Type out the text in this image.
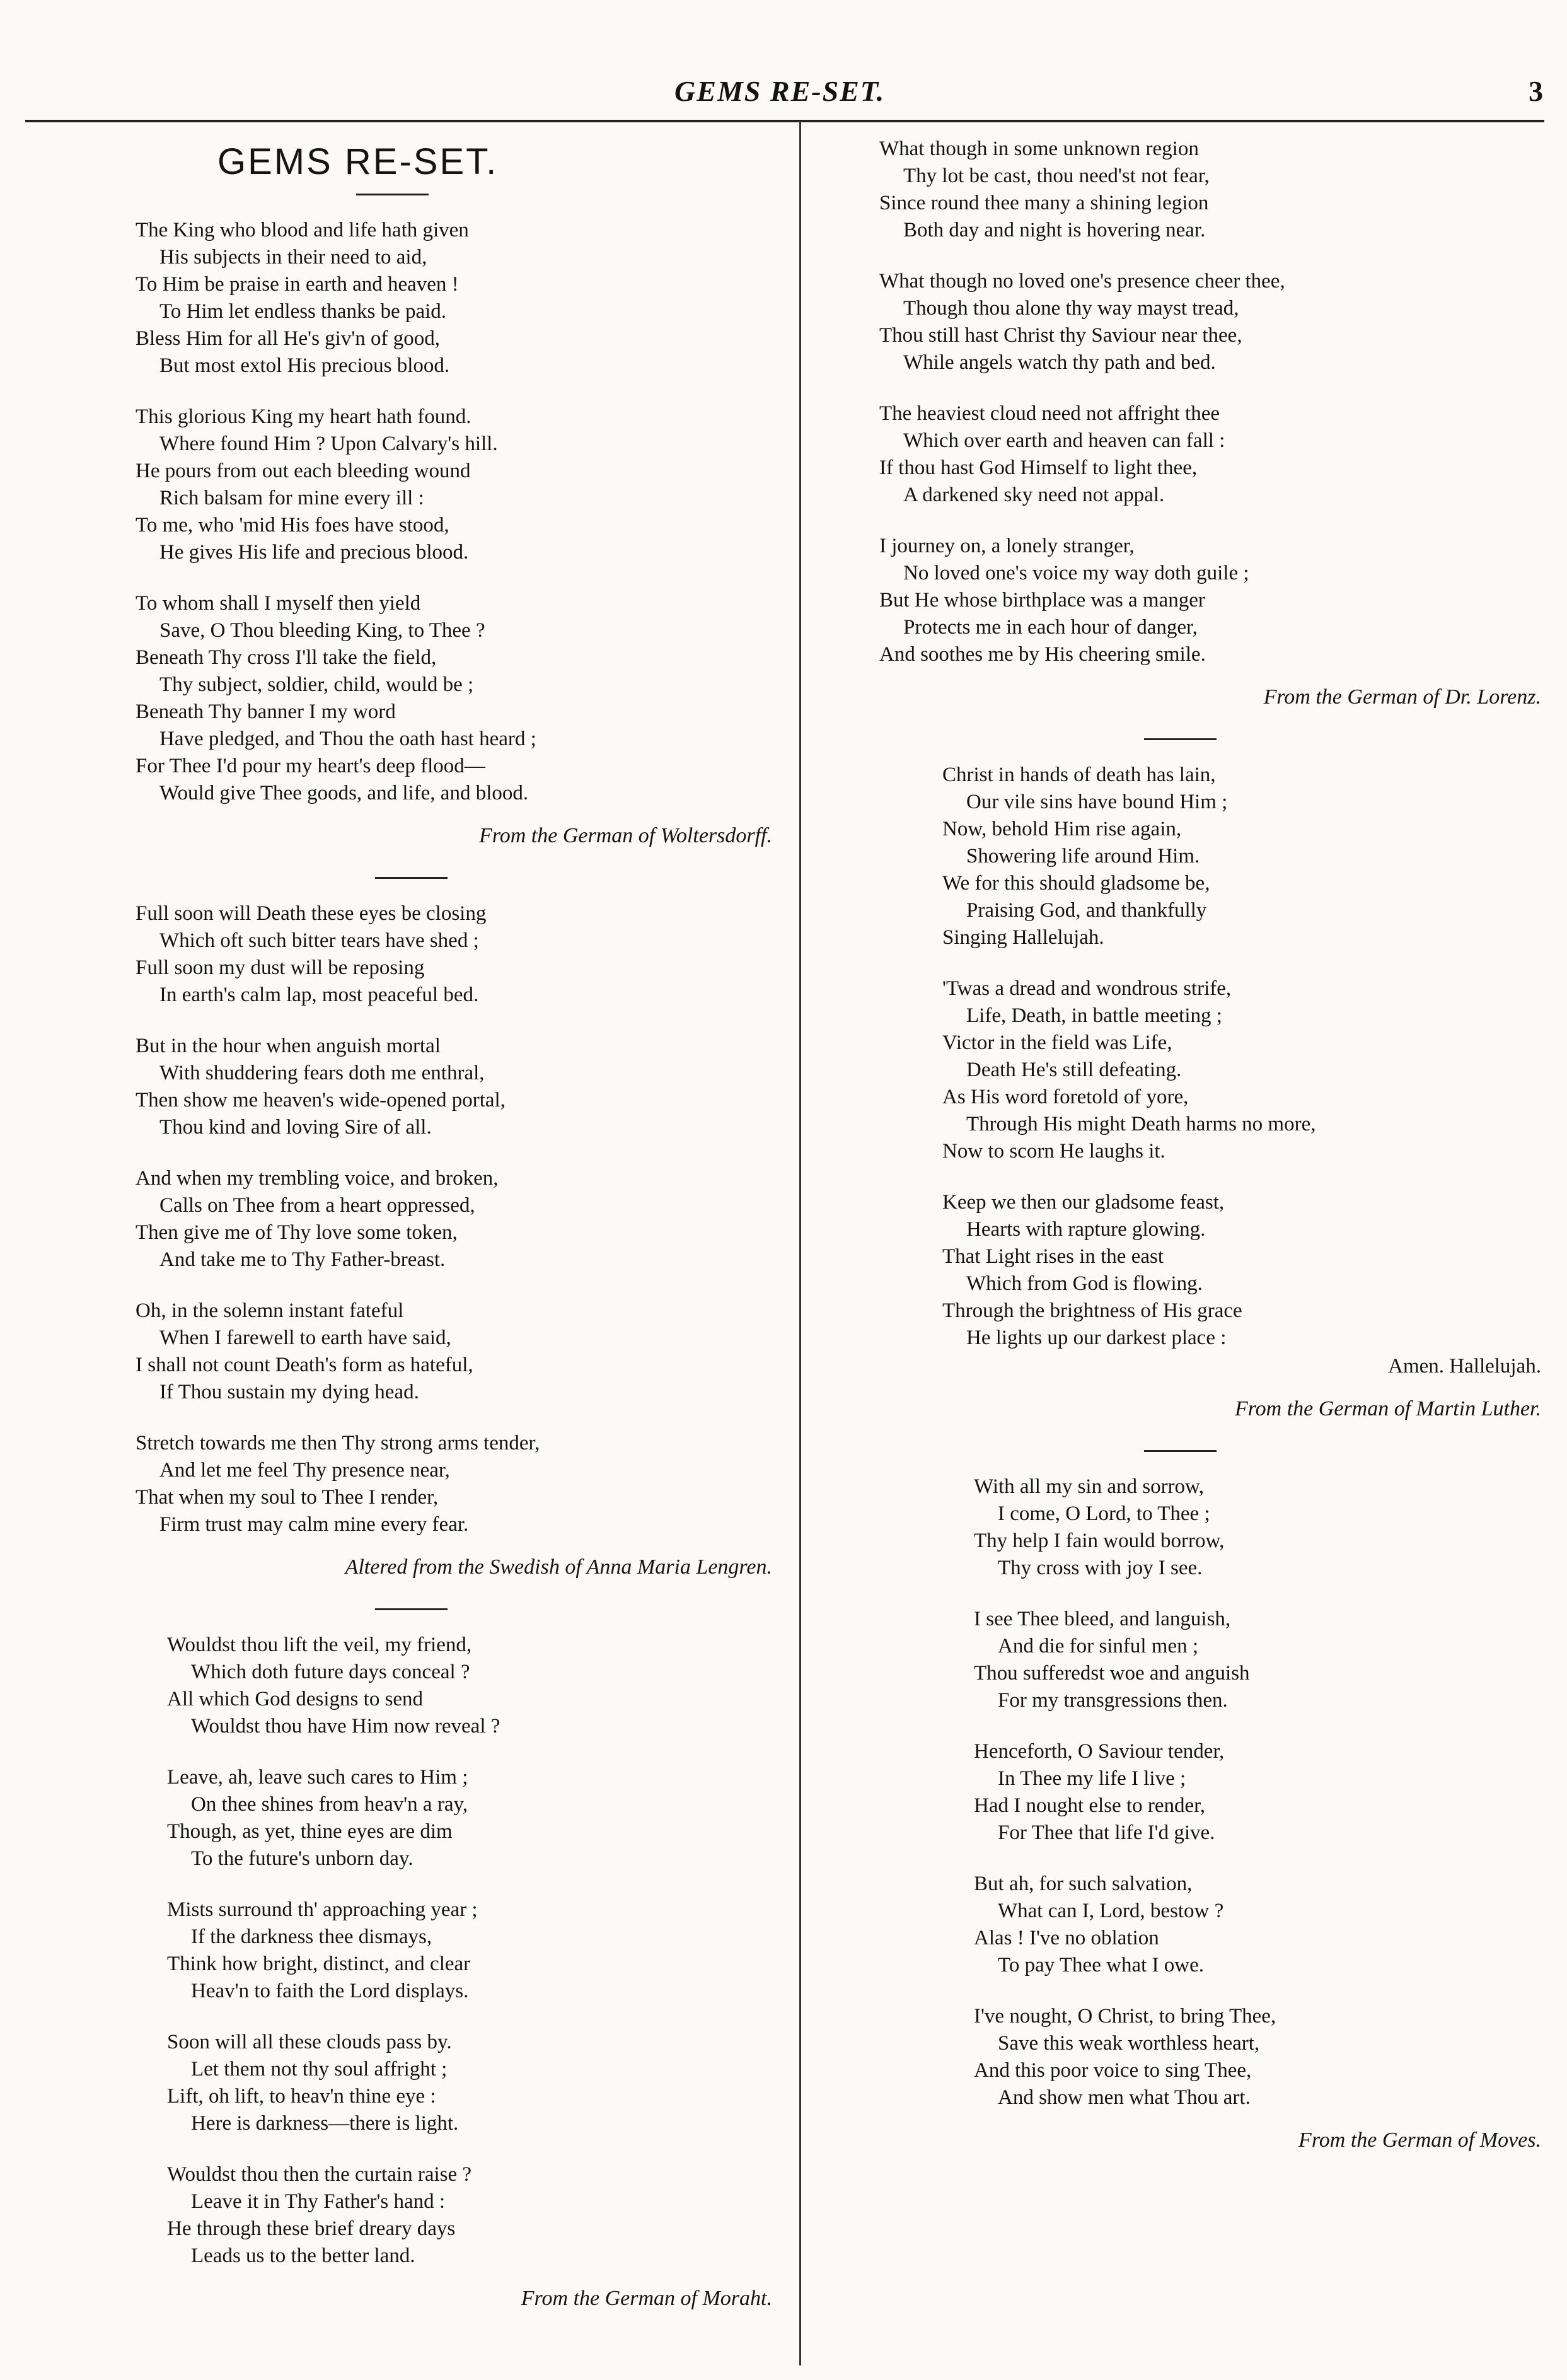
GEMS RE-SET.	3
GEMS RE-SET.
The King who blood and life hath given
His subjects in their need to aid,
To Him be praise in earth and heaven !
To Him let endless thanks be paid.
Bless Him for all He's giv'n of good,
But most extol His precious blood.
This glorious King my heart hath found.
Where found Him ? Upon Calvary's hill.
He pours from out each bleeding wound
Rich balsam for mine every ill :
To me, who 'mid His foes have stood,
He gives His life and precious blood.
To whom shall I myself then yield
Save, O Thou bleeding King, to Thee ?
Beneath Thy cross I'll take the field,
Thy subject, soldier, child, would be ;
Beneath Thy banner I my word
Have pledged, and Thou the oath hast heard ;
For Thee I'd pour my heart's deep flood—
Would give Thee goods, and life, and blood.
From the German of Woltersdorff.
Full soon will Death these eyes be closing
Which oft such bitter tears have shed ;
Full soon my dust will be reposing
In earth's calm lap, most peaceful bed.
But in the hour when anguish mortal
With shuddering fears doth me enthral,
Then show me heaven's wide-opened portal,
Thou kind and loving Sire of all.
And when my trembling voice, and broken,
Calls on Thee from a heart oppressed,
Then give me of Thy love some token,
And take me to Thy Father-breast.
Oh, in the solemn instant fateful
When I farewell to earth have said,
I shall not count Death's form as hateful,
If Thou sustain my dying head.
Stretch towards me then Thy strong arms tender,
And let me feel Thy presence near,
That when my soul to Thee I render,
Firm trust may calm mine every fear.
Altered from the Swedish of Anna Maria Lengren.
Wouldst thou lift the veil, my friend,
Which doth future days conceal ?
All which God designs to send
Wouldst thou have Him now reveal ?
Leave, ah, leave such cares to Him ;
On thee shines from heav'n a ray,
Though, as yet, thine eyes are dim
To the future's unborn day.
Mists surround th' approaching year ;
If the darkness thee dismays,
Think how bright, distinct, and clear
Heav'n to faith the Lord displays.
Soon will all these clouds pass by.
Let them not thy soul affright ;
Lift, oh lift, to heav'n thine eye :
Here is darkness—there is light.
Wouldst thou then the curtain raise ?
Leave it in Thy Father's hand :
He through these brief dreary days
Leads us to the better land.
From the German of Moraht.
What though in some unknown region
Thy lot be cast, thou need'st not fear,
Since round thee many a shining legion
Both day and night is hovering near.
What though no loved one's presence cheer thee,
Though thou alone thy way mayst tread,
Thou still hast Christ thy Saviour near thee,
While angels watch thy path and bed.
The heaviest cloud need not affright thee
Which over earth and heaven can fall :
If thou hast God Himself to light thee,
A darkened sky need not appal.
I journey on, a lonely stranger,
No loved one's voice my way doth guile ;
But He whose birthplace was a manger
Protects me in each hour of danger,
And soothes me by His cheering smile.
From the German of Dr. Lorenz.
Christ in hands of death has lain,
Our vile sins have bound Him ;
Now, behold Him rise again,
Showering life around Him.
We for this should gladsome be,
Praising God, and thankfully
Singing Hallelujah.
'Twas a dread and wondrous strife,
Life, Death, in battle meeting ;
Victor in the field was Life,
Death He's still defeating.
As His word foretold of yore,
Through His might Death harms no more,
Now to scorn He laughs it.
Keep we then our gladsome feast,
Hearts with rapture glowing.
That Light rises in the east
Which from God is flowing.
Through the brightness of His grace
He lights up our darkest place :
Amen. Hallelujah.
From the German of Martin Luther.
With all my sin and sorrow,
I come, O Lord, to Thee ;
Thy help I fain would borrow,
Thy cross with joy I see.
I see Thee bleed, and languish,
And die for sinful men ;
Thou sufferedst woe and anguish
For my transgressions then.
Henceforth, O Saviour tender,
In Thee my life I live ;
Had I nought else to render,
For Thee that life I'd give.
But ah, for such salvation,
What can I, Lord, bestow ?
Alas ! I've no oblation
To pay Thee what I owe.
I've nought, O Christ, to bring Thee,
Save this weak worthless heart,
And this poor voice to sing Thee,
And show men what Thou art.
From the German of Moves.
